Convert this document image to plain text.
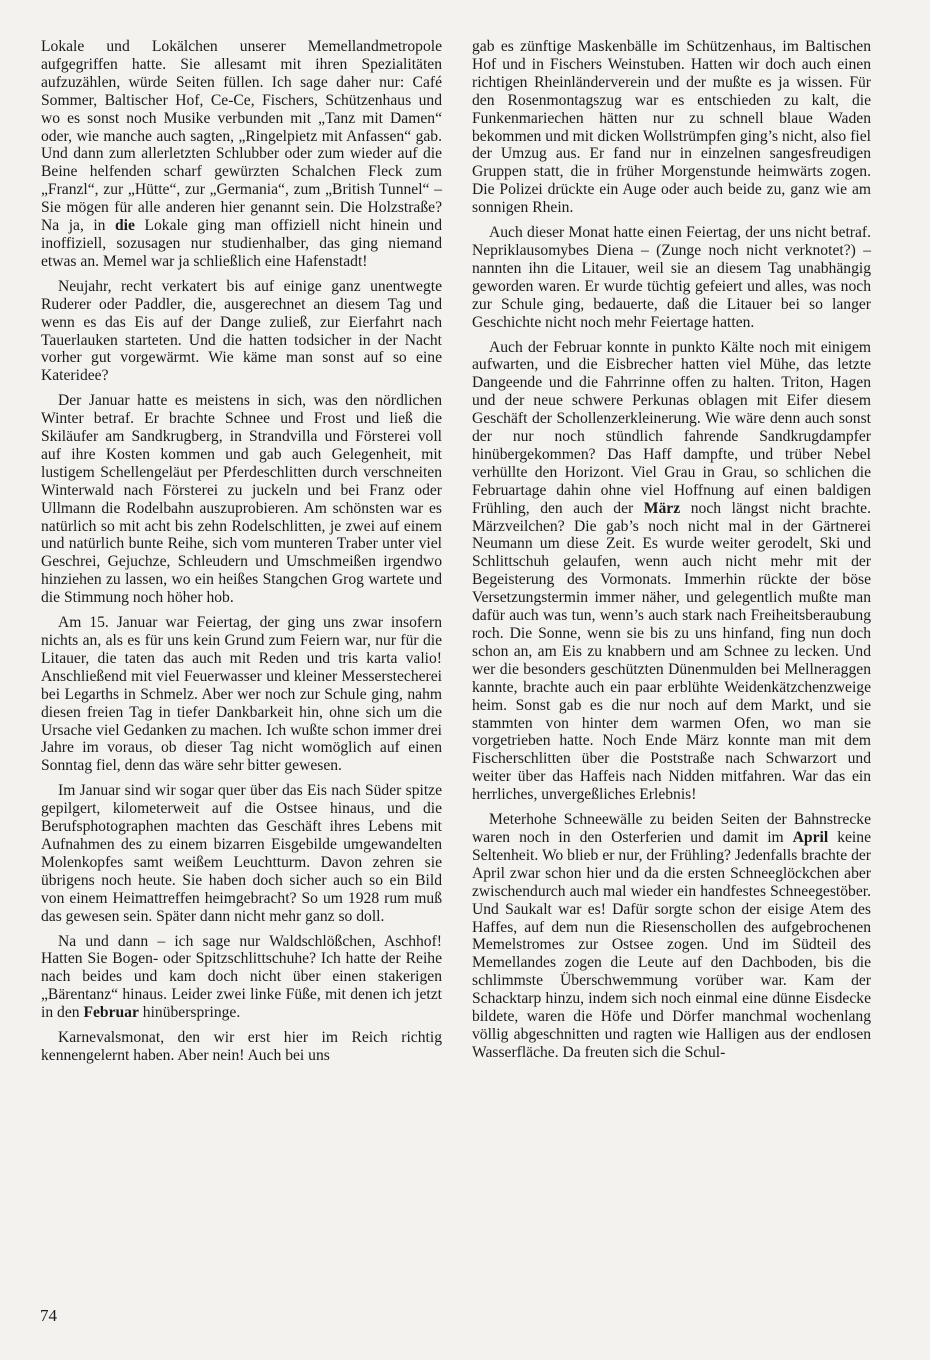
Lokale und Lokälchen unserer Memellandmetropole aufgegriffen hatte. Sie allesamt mit ihren Spezialitäten aufzuzählen, würde Seiten füllen. Ich sage daher nur: Café Sommer, Baltischer Hof, Ce-Ce, Fischers, Schützenhaus und wo es sonst noch Musike verbunden mit „Tanz mit Damen“ oder, wie manche auch sagten, „Ringelpietz mit Anfassen“ gab. Und dann zum allerletzten Schlubber oder zum wieder auf die Beine helfenden scharf gewürzten Schalchen Fleck zum „Franzl“, zur „Hütte“, zur „Germania“, zum „British Tunnel“ – Sie mögen für alle anderen hier genannt sein. Die Holzstraße? Na ja, in die Lokale ging man offiziell nicht hinein und inoffiziell, sozusagen nur studienhalber, das ging niemand etwas an. Memel war ja schließlich eine Hafenstadt!

Neujahr, recht verkatert bis auf einige ganz unentwegte Ruderer oder Paddler, die, ausgerechnet an diesem Tag und wenn es das Eis auf der Dange zuließ, zur Eierfahrt nach Tauerlauken starteten. Und die hatten todsicher in der Nacht vorher gut vorgewärmt. Wie käme man sonst auf so eine Kateridee?

Der Januar hatte es meistens in sich, was den nördlichen Winter betraf. Er brachte Schnee und Frost und ließ die Skiläufer am Sandkrugberg, in Strandvilla und Försterei voll auf ihre Kosten kommen und gab auch Gelegenheit, mit lustigem Schellengeläut per Pferdeschlitten durch verschneiten Winterwald nach Försterei zu juckeln und bei Franz oder Ullmann die Rodelbahn auszuprobieren. Am schönsten war es natürlich so mit acht bis zehn Rodelschlitten, je zwei auf einem und natürlich bunte Reihe, sich vom munteren Traber unter viel Geschrei, Gejuchze, Schleudern und Umschmeißen irgendwo hinziehen zu lassen, wo ein heißes Stangchen Grog wartete und die Stimmung noch höher hob.

Am 15. Januar war Feiertag, der ging uns zwar insofern nichts an, als es für uns kein Grund zum Feiern war, nur für die Litauer, die taten das auch mit Reden und tris karta valio! Anschließend mit viel Feuerwasser und kleiner Messerstecherei bei Legarths in Schmelz. Aber wer noch zur Schule ging, nahm diesen freien Tag in tiefer Dankbarkeit hin, ohne sich um die Ursache viel Gedanken zu machen. Ich wußte schon immer drei Jahre im voraus, ob dieser Tag nicht womöglich auf einen Sonntag fiel, denn das wäre sehr bitter gewesen.

Im Januar sind wir sogar quer über das Eis nach Süder spitze gepilgert, kilometerweit auf die Ostsee hinaus, und die Berufsphotographen machten das Geschäft ihres Lebens mit Aufnahmen des zu einem bizarren Eisgebilde umgewandelten Molenkopfes samt weißem Leuchtturm. Davon zehren sie übrigens noch heute. Sie haben doch sicher auch so ein Bild von einem Heimattreffen heimgebracht? So um 1928 rum muß das gewesen sein. Später dann nicht mehr ganz so doll.

Na und dann – ich sage nur Waldschlößchen, Aschhof! Hatten Sie Bogen- oder Spitzschlittschuhe? Ich hatte der Reihe nach beides und kam doch nicht über einen stakerigen „Bärentanz“ hinaus. Leider zwei linke Füße, mit denen ich jetzt in den Februar hinüberspringe.

Karnevalsmonat, den wir erst hier im Reich richtig kennengelernt haben. Aber nein! Auch bei uns

gab es zünftige Maskenbälle im Schützenhaus, im Baltischen Hof und in Fischers Weinstuben. Hatten wir doch auch einen richtigen Rheinländerverein und der mußte es ja wissen. Für den Rosenmontagszug war es entschieden zu kalt, die Funkenmariechen hätten nur zu schnell blaue Waden bekommen und mit dicken Wollstrümpfen ging’s nicht, also fiel der Umzug aus. Er fand nur in einzelnen sangesfreudigen Gruppen statt, die in früher Morgenstunde heimwärts zogen. Die Polizei drückte ein Auge oder auch beide zu, ganz wie am sonnigen Rhein.

Auch dieser Monat hatte einen Feiertag, der uns nicht betraf. Nepriklausomybes Diena – (Zunge noch nicht verknotet?) – nannten ihn die Litauer, weil sie an diesem Tag unabhängig geworden waren. Er wurde tüchtig gefeiert und alles, was noch zur Schule ging, bedauerte, daß die Litauer bei so langer Geschichte nicht noch mehr Feiertage hatten.

Auch der Februar konnte in punkto Kälte noch mit einigem aufwarten, und die Eisbrecher hatten viel Mühe, das letzte Dangeende und die Fahrrinne offen zu halten. Triton, Hagen und der neue schwere Perkunas oblagen mit Eifer diesem Geschäft der Schollenzerkleinerung. Wie wäre denn auch sonst der nur noch stündlich fahrende Sandkrugdampfer hinübergekommen? Das Haff dampfte, und trüber Nebel verhüllte den Horizont. Viel Grau in Grau, so schlichen die Februartage dahin ohne viel Hoffnung auf einen baldigen Frühling, den auch der März noch längst nicht brachte. Märzveilchen? Die gab’s noch nicht mal in der Gärtnerei Neumann um diese Zeit. Es wurde weiter gerodelt, Ski und Schlittschuh gelaufen, wenn auch nicht mehr mit der Begeisterung des Vormonats. Immerhin rückte der böse Versetzungstermin immer näher, und gelegentlich mußte man dafür auch was tun, wenn’s auch stark nach Freiheitsberaubung roch. Die Sonne, wenn sie bis zu uns hinfand, fing nun doch schon an, am Eis zu knabbern und am Schnee zu lecken. Und wer die besonders geschützten Dünenmulden bei Mellneraggen kannte, brachte auch ein paar erblühte Weidenkätzchenzweige heim. Sonst gab es die nur noch auf dem Markt, und sie stammten von hinter dem warmen Ofen, wo man sie vorgetrieben hatte. Noch Ende März konnte man mit dem Fischerschlitten über die Poststraße nach Schwarzort und weiter über das Haffeis nach Nidden mitfahren. War das ein herrliches, unvergeßliches Erlebnis!

Meterhohe Schneewälle zu beiden Seiten der Bahnstrecke waren noch in den Osterferien und damit im April keine Seltenheit. Wo blieb er nur, der Frühling? Jedenfalls brachte der April zwar schon hier und da die ersten Schneeglöckchen aber zwischendurch auch mal wieder ein handfestes Schneegestöber. Und Saukalt war es! Dafür sorgte schon der eisige Atem des Haffes, auf dem nun die Riesenschollen des aufgebrochenen Memelstromes zur Ostsee zogen. Und im Südteil des Memellandes zogen die Leute auf den Dachboden, bis die schlimmste Überschwemmung vorüber war. Kam der Schacktarp hinzu, indem sich noch einmal eine dünne Eisdecke bildete, waren die Höfe und Dörfer manchmal wochenlang völlig abgeschnitten und ragten wie Halligen aus der endlosen Wasserfläche. Da freuten sich die Schul-

74
